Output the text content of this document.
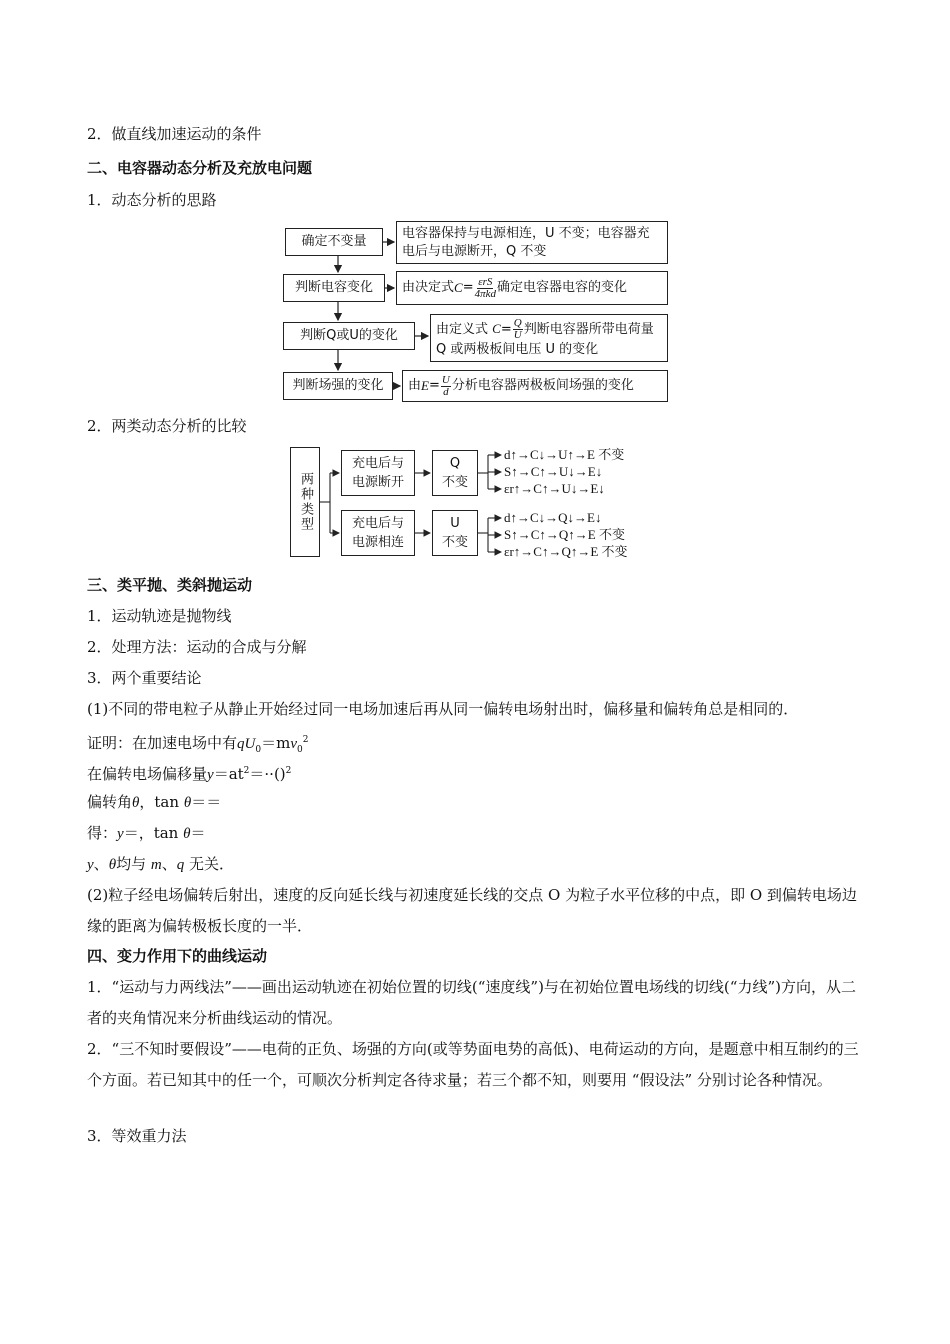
2．做直线加速运动的条件
二、电容器动态分析及充放电问题
1．动态分析的思路
确定不变量
判断电容变化
判断Q或U的变化
判断场强的变化
电容器保持与电源相连，U 不变；电容器充电后与电源断开，Q 不变
由决定式 $C = \frac{\text{εrS}}{\text{4πkd}}$ 确定电容器电容的变化
由定义式 $C= \frac{Q}{U}$ 判断电容器所带电荷量 Q 或两极板间电压 U 的变化
由 $E = \frac{U}{d}$ 分析电容器两极板间场强的变化
2．两类动态分析的比较
两种类型
充电后与电源断开
Q
不变
充电后与电源相连
U
不变
d↑→C↓→U↑→E 不变
S↑→C↑→U↓→E↓
εr↑→C↑→U↓→E↓
d↑→C↓→Q↓→E↓
S↑→C↑→Q↑→E 不变
εr↑→C↑→Q↑→E 不变
三、类平抛、类斜抛运动
1．运动轨迹是抛物线
2．处理方法：运动的合成与分解
3．两个重要结论
(1)不同的带电粒子从静止开始经过同一电场加速后再从同一偏转电场射出时，偏移量和偏转角总是相同的．
证明：在加速电场中有$qU_0=mv_0^2$
在偏转电场偏移量$y=at^2=\cdot\cdot()^2$
偏转角θ，tan θ＝＝
得：y＝，tan θ＝
y、θ均与 m、q 无关．
(2)粒子经电场偏转后射出，速度的反向延长线与初速度延长线的交点 O 为粒子水平位移的中点，即 O 到偏转电场边缘的距离为偏转极板长度的一半．
四、变力作用下的曲线运动
1．“运动与力两线法”——画出运动轨迹在初始位置的切线(“速度线”)与在初始位置电场线的切线(“力线”)方向，从二者的夹角情况来分析曲线运动的情况。
2．“三不知时要假设”——电荷的正负、场强的方向(或等势面电势的高低)、电荷运动的方向，是题意中相互制约的三个方面。若已知其中的任一个，可顺次分析判定各待求量；若三个都不知，则要用 “假设法” 分别讨论各种情况。
3．等效重力法
